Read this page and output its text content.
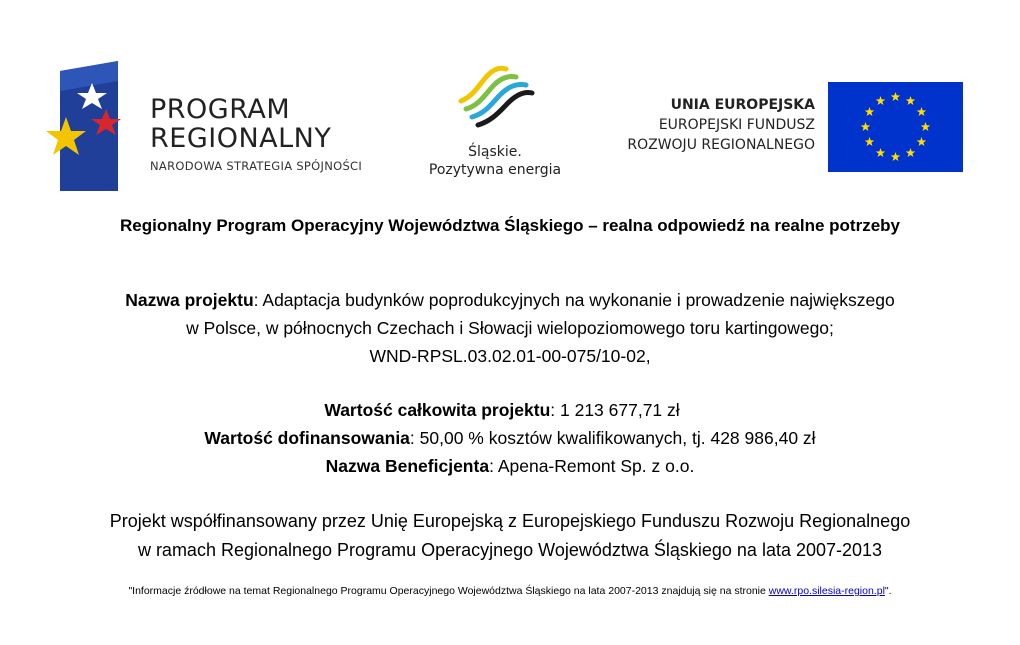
PROGRAM
REGIONALNY
NARODOWA STRATEGIA SPÓJNOŚCI
Śląskie.
Pozytywna energia
UNIA EUROPEJSKA
EUROPEJSKI FUNDUSZ
ROZWOJU REGIONALNEGO
Regionalny Program Operacyjny Województwa Śląskiego – realna odpowiedź na realne potrzeby
Nazwa projektu: Adaptacja budynków poprodukcyjnych na wykonanie i prowadzenie największego
w Polsce, w północnych Czechach i Słowacji wielopoziomowego toru kartingowego;
WND-RPSL.03.02.01-00-075/10-02,
Wartość całkowita projektu: 1 213 677,71 zł
Wartość dofinansowania: 50,00 % kosztów kwalifikowanych, tj. 428 986,40 zł
Nazwa Beneficjenta: Apena-Remont Sp. z o.o.
Projekt współfinansowany przez Unię Europejską z Europejskiego Funduszu Rozwoju Regionalnego
w ramach Regionalnego Programu Operacyjnego Województwa Śląskiego na lata 2007-2013
"Informacje źródłowe na temat Regionalnego Programu Operacyjnego Województwa Śląskiego na lata 2007-2013 znajdują się na stronie www.rpo.silesia-region.pl".
